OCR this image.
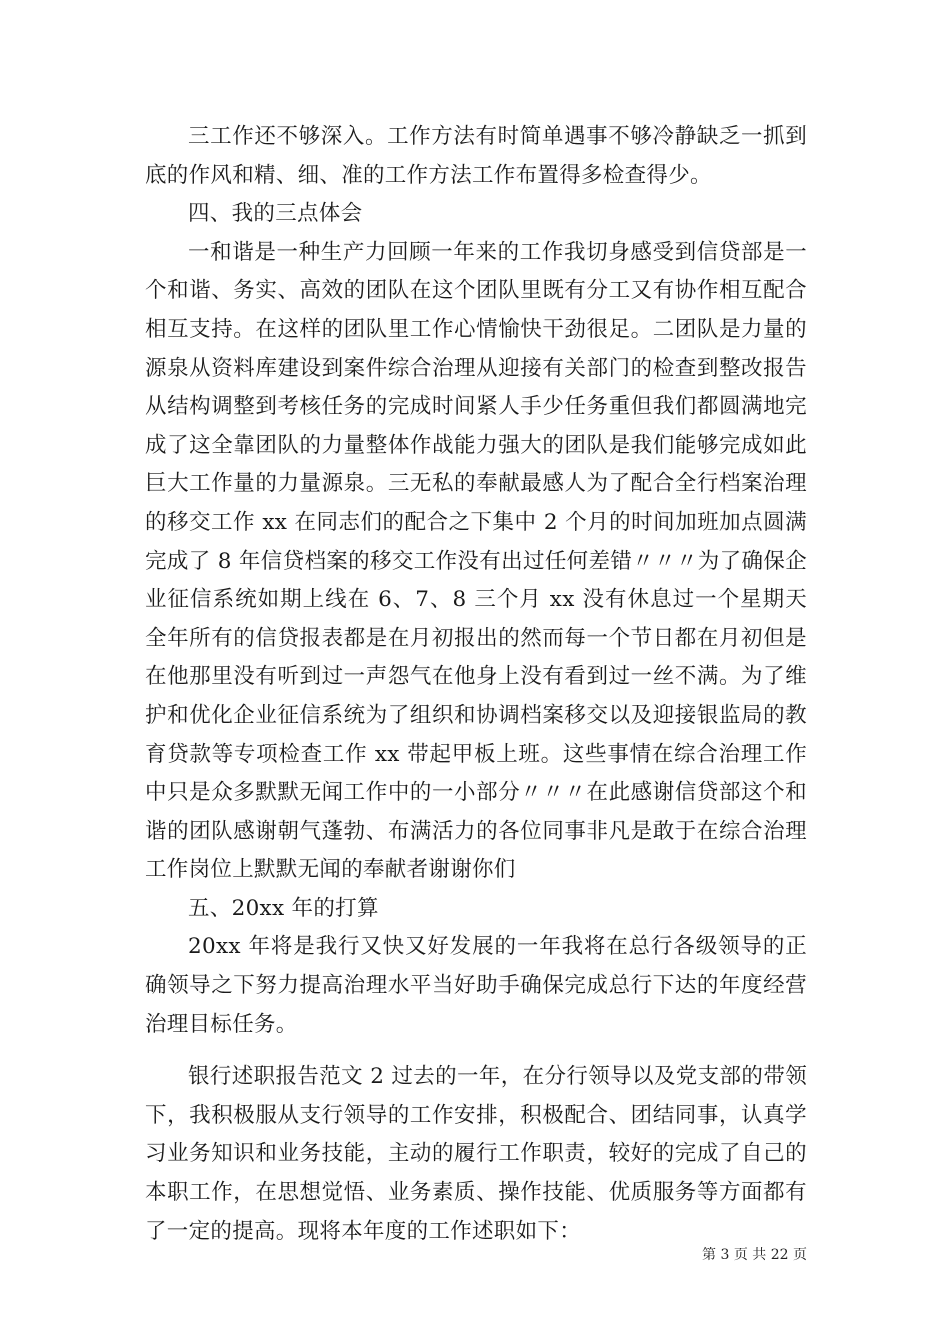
三工作还不够深入。工作方法有时简单遇事不够冷静缺乏一抓到底的作风和精、细、准的工作方法工作布置得多检查得少。

四、我的三点体会

一和谐是一种生产力回顾一年来的工作我切身感受到信贷部是一个和谐、务实、高效的团队在这个团队里既有分工又有协作相互配合相互支持。在这样的团队里工作心情愉快干劲很足。二团队是力量的源泉从资料库建设到案件综合治理从迎接有关部门的检查到整改报告从结构调整到考核任务的完成时间紧人手少任务重但我们都圆满地完成了这全靠团队的力量整体作战能力强大的团队是我们能够完成如此巨大工作量的力量源泉。三无私的奉献最感人为了配合全行档案治理的移交工作 xx 在同志们的配合之下集中 2 个月的时间加班加点圆满完成了 8 年信贷档案的移交工作没有出过任何差错〃〃〃为了确保企业征信系统如期上线在 6、7、8 三个月 xx 没有休息过一个星期天全年所有的信贷报表都是在月初报出的然而每一个节日都在月初但是在他那里没有听到过一声怨气在他身上没有看到过一丝不满。为了维护和优化企业征信系统为了组织和协调档案移交以及迎接银监局的教育贷款等专项检查工作 xx 带起甲板上班。这些事情在综合治理工作中只是众多默默无闻工作中的一小部分〃〃〃在此感谢信贷部这个和谐的团队感谢朝气蓬勃、布满活力的各位同事非凡是敢于在综合治理工作岗位上默默无闻的奉献者谢谢你们

五、20xx 年的打算

20xx 年将是我行又快又好发展的一年我将在总行各级领导的正确领导之下努力提高治理水平当好助手确保完成总行下达的年度经营治理目标任务。

银行述职报告范文 2 过去的一年，在分行领导以及党支部的带领下，我积极服从支行领导的工作安排，积极配合、团结同事，认真学习业务知识和业务技能，主动的履行工作职责，较好的完成了自己的本职工作，在思想觉悟、业务素质、操作技能、优质服务等方面都有了一定的提高。现将本年度的工作述职如下：

第 3 页 共 22 页
